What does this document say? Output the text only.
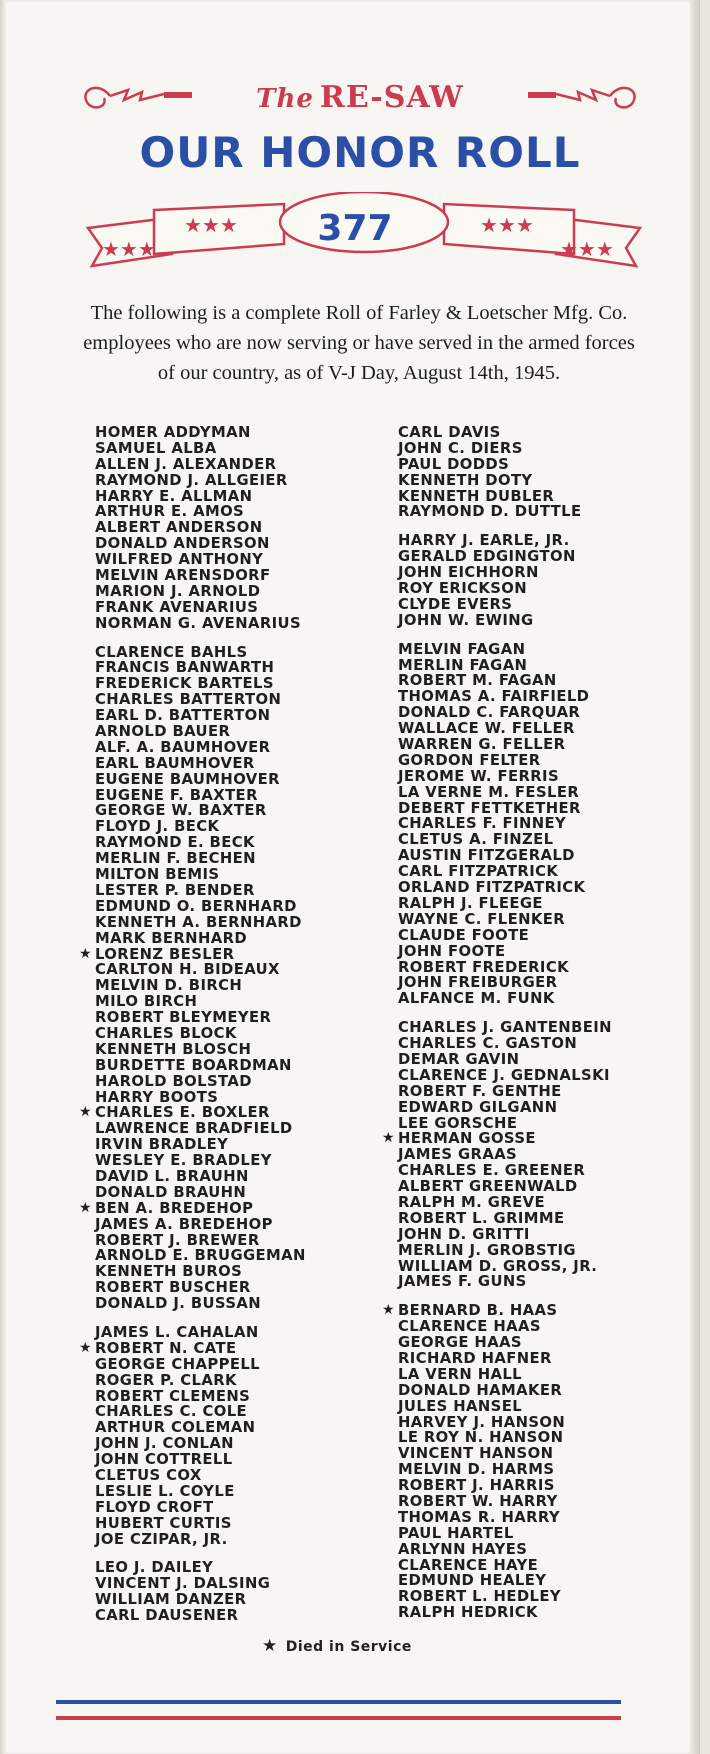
The RE-SAW
OUR HONOR ROLL
★★★
★★★	★★★
★★★
377
The following is a complete Roll of Farley & Loetscher Mfg. Co. employees who are now serving or have served in the armed forces of our country, as of V-J Day, August 14th, 1945.
HOMER ADDYMAN
SAMUEL ALBA
ALLEN J. ALEXANDER
RAYMOND J. ALLGEIER
HARRY E. ALLMAN
ARTHUR E. AMOS
ALBERT ANDERSON
DONALD ANDERSON
WILFRED ANTHONY
MELVIN ARENSDORF
MARION J. ARNOLD
FRANK AVENARIUS
NORMAN G. AVENARIUS
CLARENCE BAHLS
FRANCIS BANWARTH
FREDERICK BARTELS
CHARLES BATTERTON
EARL D. BATTERTON
ARNOLD BAUER
ALF. A. BAUMHOVER
EARL BAUMHOVER
EUGENE BAUMHOVER
EUGENE F. BAXTER
GEORGE W. BAXTER
FLOYD J. BECK
RAYMOND E. BECK
MERLIN F. BECHEN
MILTON BEMIS
LESTER P. BENDER
EDMUND O. BERNHARD
KENNETH A. BERNHARD
MARK BERNHARD
★ LORENZ BESLER
CARLTON H. BIDEAUX
MELVIN D. BIRCH
MILO BIRCH
ROBERT BLEYMEYER
CHARLES BLOCK
KENNETH BLOSCH
BURDETTE BOARDMAN
HAROLD BOLSTAD
HARRY BOOTS
★ CHARLES E. BOXLER
LAWRENCE BRADFIELD
IRVIN BRADLEY
WESLEY E. BRADLEY
DAVID L. BRAUHN
DONALD BRAUHN
★ BEN A. BREDEHOP
JAMES A. BREDEHOP
ROBERT J. BREWER
ARNOLD E. BRUGGEMAN
KENNETH BUROS
ROBERT BUSCHER
DONALD J. BUSSAN
JAMES L. CAHALAN
★ ROBERT N. CATE
GEORGE CHAPPELL
ROGER P. CLARK
ROBERT CLEMENS
CHARLES C. COLE
ARTHUR COLEMAN
JOHN J. CONLAN
JOHN COTTRELL
CLETUS COX
LESLIE L. COYLE
FLOYD CROFT
HUBERT CURTIS
JOE CZIPAR, JR.
LEO J. DAILEY
VINCENT J. DALSING
WILLIAM DANZER
CARL DAUSENER
CARL DAVIS
JOHN C. DIERS
PAUL DODDS
KENNETH DOTY
KENNETH DUBLER
RAYMOND D. DUTTLE
HARRY J. EARLE, JR.
GERALD EDGINGTON
JOHN EICHHORN
ROY ERICKSON
CLYDE EVERS
JOHN W. EWING
MELVIN FAGAN
MERLIN FAGAN
ROBERT M. FAGAN
THOMAS A. FAIRFIELD
DONALD C. FARQUAR
WALLACE W. FELLER
WARREN G. FELLER
GORDON FELTER
JEROME W. FERRIS
LA VERNE M. FESLER
DEBERT FETTKETHER
CHARLES F. FINNEY
CLETUS A. FINZEL
AUSTIN FITZGERALD
CARL FITZPATRICK
ORLAND FITZPATRICK
RALPH J. FLEEGE
WAYNE C. FLENKER
CLAUDE FOOTE
JOHN FOOTE
ROBERT FREDERICK
JOHN FREIBURGER
ALFANCE M. FUNK
CHARLES J. GANTENBEIN
CHARLES C. GASTON
DEMAR GAVIN
CLARENCE J. GEDNALSKI
ROBERT F. GENTHE
EDWARD GILGANN
LEE GORSCHE
★ HERMAN GOSSE
JAMES GRAAS
CHARLES E. GREENER
ALBERT GREENWALD
RALPH M. GREVE
ROBERT L. GRIMME
JOHN D. GRITTI
MERLIN J. GROBSTIG
WILLIAM D. GROSS, JR.
JAMES F. GUNS
★ BERNARD B. HAAS
CLARENCE HAAS
GEORGE HAAS
RICHARD HAFNER
LA VERN HALL
DONALD HAMAKER
JULES HANSEL
HARVEY J. HANSON
LE ROY N. HANSON
VINCENT HANSON
MELVIN D. HARMS
ROBERT J. HARRIS
ROBERT W. HARRY
THOMAS R. HARRY
PAUL HARTEL
ARLYNN HAYES
CLARENCE HAYE
EDMUND HEALEY
ROBERT L. HEDLEY
RALPH HEDRICK
★ Died in Service
